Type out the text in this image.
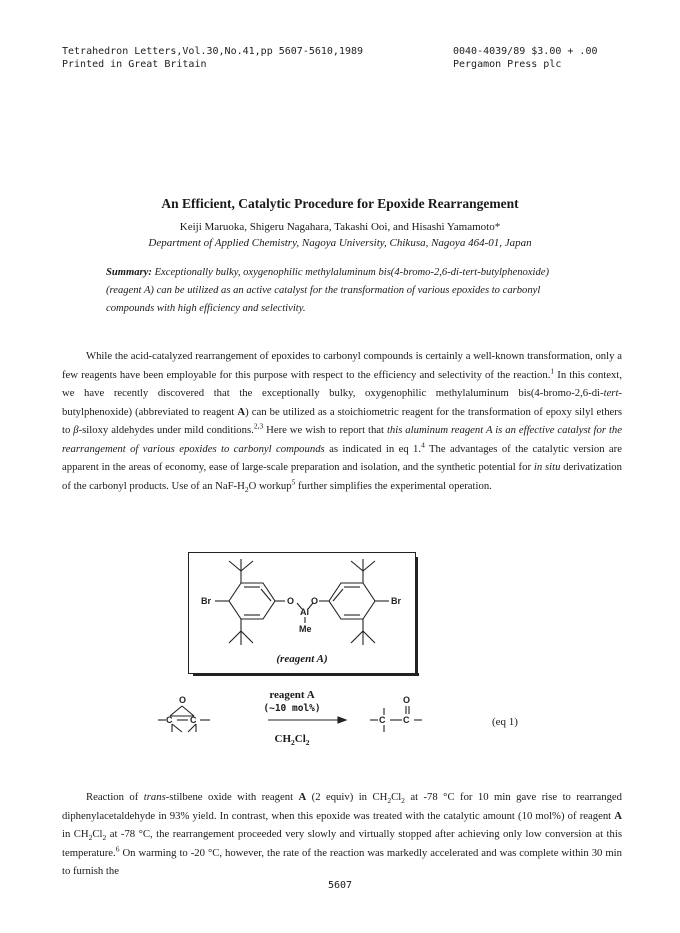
Tetrahedron Letters,Vol.30,No.41,pp 5607-5610,1989
Printed in Great Britain
0040-4039/89 $3.00 + .00
Pergamon Press plc
An Efficient, Catalytic Procedure for Epoxide Rearrangement
Keiji Maruoka, Shigeru Nagahara, Takashi Ooi, and Hisashi Yamamoto*
Department of Applied Chemistry, Nagoya University, Chikusa, Nagoya 464-01, Japan
Summary: Exceptionally bulky, oxygenophilic methylaluminum bis(4-bromo-2,6-di-tert-butylphenoxide) (reagent A) can be utilized as an active catalyst for the transformation of various epoxides to carbonyl compounds with high efficiency and selectivity.
While the acid-catalyzed rearrangement of epoxides to carbonyl compounds is certainly a well-known transformation, only a few reagents have been employable for this purpose with respect to the efficiency and selectivity of the reaction.$^1$ In this context, we have recently discovered that the exceptionally bulky, oxygenophilic methylaluminum bis(4-bromo-2,6-di-tert-butylphenoxide) (abbreviated to reagent A) can be utilized as a stoichiometric reagent for the transformation of epoxy silyl ethers to β-siloxy aldehydes under mild conditions.$^{2,3}$ Here we wish to report that this aluminum reagent A is an effective catalyst for the rearrangement of various epoxides to carbonyl compounds as indicated in eq 1.$^4$ The advantages of the catalytic version are apparent in the areas of economy, ease of large-scale preparation and isolation, and the synthetic potential for in situ derivatization of the carbonyl products. Use of an NaF-$H_2O$ workup$^5$ further simplifies the experimental operation.
Br	O
Al
Me
O	Br
(reagent A)
O
C C	C C
O
reagent A
(~10 mol%)
$CH_2Cl_2$
(eq 1)
Reaction of trans-stilbene oxide with reagent A (2 equiv) in $CH_2Cl_2$ at -78 °C for 10 min gave rise to rearranged diphenylacetaldehyde in 93% yield. In contrast, when this epoxide was treated with the catalytic amount (10 mol%) of reagent A in $CH_2Cl_2$ at -78 °C, the rearrangement proceeded very slowly and virtually stopped after achieving only low conversion at this temperature.$^6$ On warming to -20 °C, however, the rate of the reaction was markedly accelerated and was complete within 30 min to furnish the
5607
